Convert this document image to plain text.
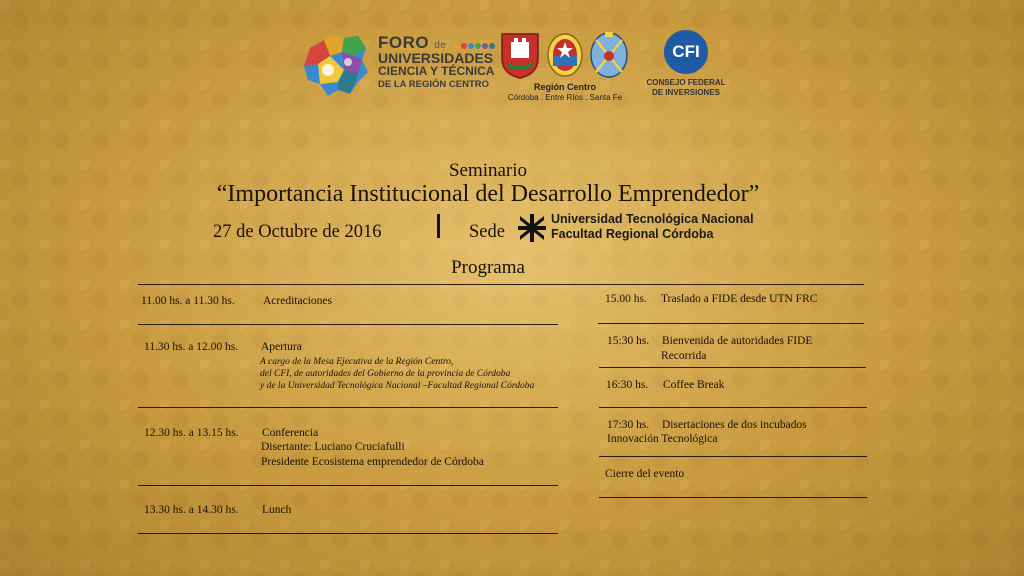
FORO de
UNIVERSIDADES
CIENCIA Y TÉCNICA
DE LA REGIÓN CENTRO	Región Centro
Córdoba . Entre Ríos . Santa Fe
CFI
CONSEJO FEDERAL
DE INVERSIONES
Seminario
“Importancia Institucional del Desarrollo Emprendedor”
27 de Octubre de 2016	Sede
Universidad Tecnológica Nacional
Facultad Regional Córdoba
Programa
11.00 hs. a 11.30 hs. Acreditaciones
11.30 hs. a 12.00 hs. Apertura
A cargo de la Mesa Ejecutiva de la Región Centro,
del CFI, de autoridades del Gobierno de la provincia de Córdoba
y de la Universidad Tecnológica Nacional –Facultad Regional Córdoba
12.30 hs. a 13.15 hs. Conferencia
Disertante: Luciano Cruciafulli
Presidente Ecosistema emprendedor de Córdoba
13.30 hs. a 14.30 hs. Lunch
15.00 hs. Traslado a FIDE desde UTN FRC
15:30 hs. Bienvenida de autoridades FIDE
Recorrida
16:30 hs. Coffee Break
17:30 hs. Disertaciones de dos incubados
Innovación Tecnológica
Cierre del evento
